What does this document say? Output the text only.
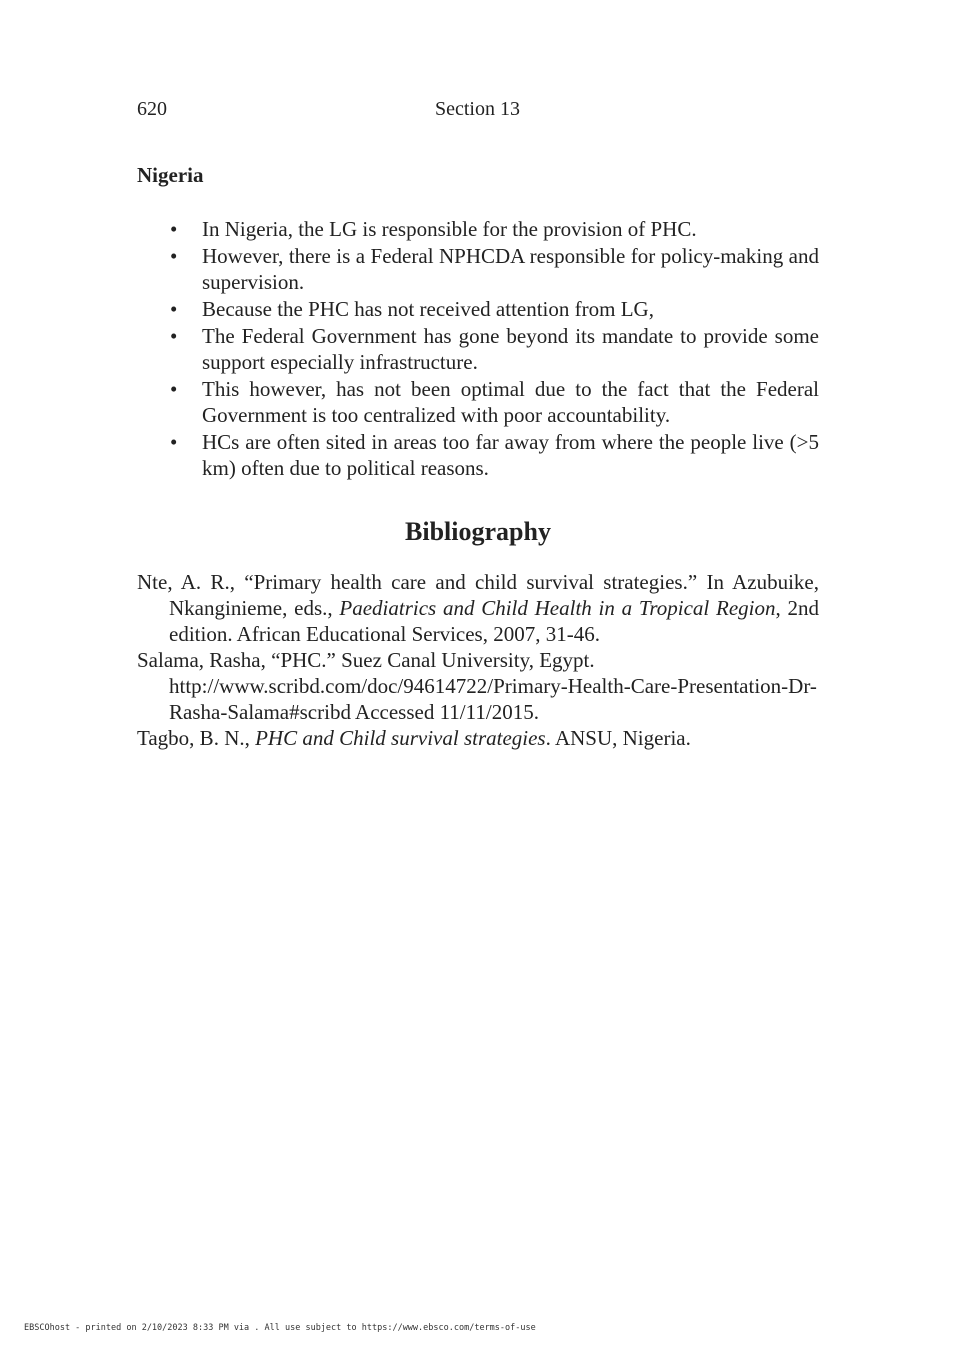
620	Section 13
Nigeria
• In Nigeria, the LG is responsible for the provision of PHC.
• However, there is a Federal NPHCDA responsible for policy-making and supervision.
• Because the PHC has not received attention from LG,
• The Federal Government has gone beyond its mandate to provide some support especially infrastructure.
• This however, has not been optimal due to the fact that the Federal Government is too centralized with poor accountability.
• HCs are often sited in areas too far away from where the people live (>5 km) often due to political reasons.
Bibliography
Nte, A. R., “Primary health care and child survival strategies.” In Azubuike, Nkanginieme, eds., Paediatrics and Child Health in a Tropical Region, 2nd edition. African Educational Services, 2007, 31-46.
Salama, Rasha, “PHC.” Suez Canal University, Egypt.
http://www.scribd.com/doc/94614722/Primary-Health-Care-Presentation-Dr-Rasha-Salama#scribd Accessed 11/11/2015.
Tagbo, B. N., PHC and Child survival strategies. ANSU, Nigeria.
EBSCOhost - printed on 2/10/2023 8:33 PM via . All use subject to https://www.ebsco.com/terms-of-use
